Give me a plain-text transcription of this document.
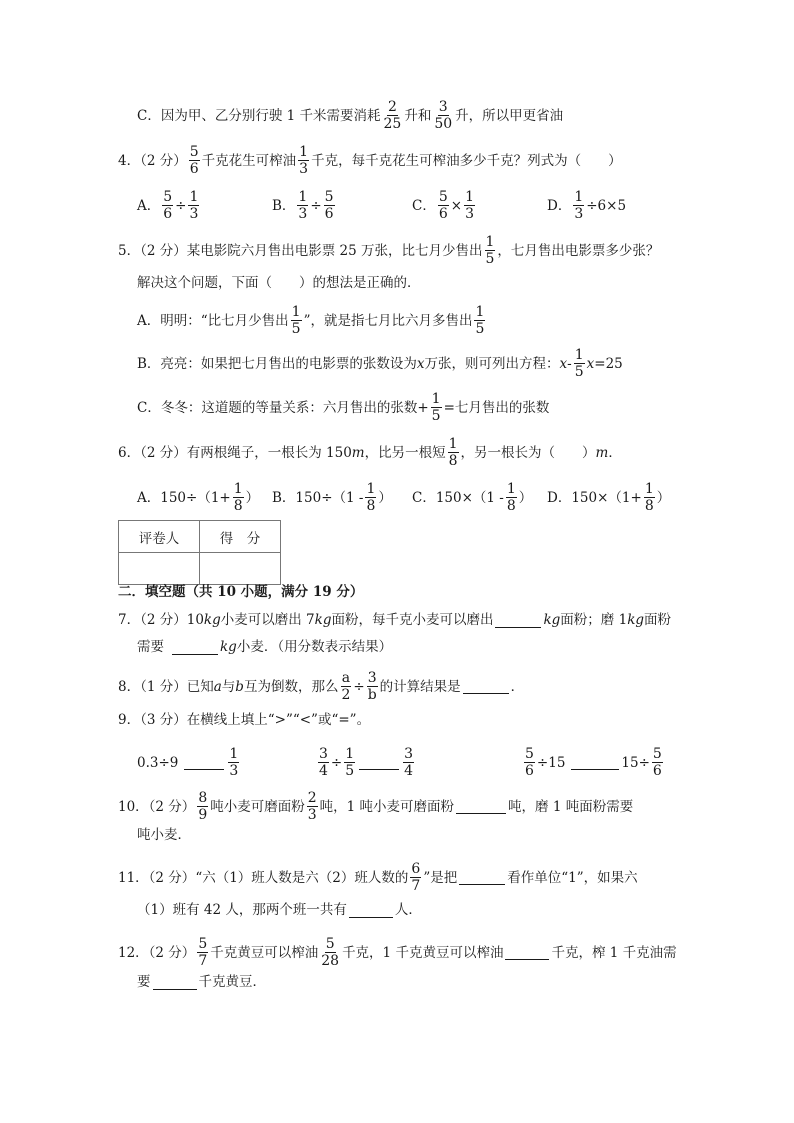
C．因为甲、乙分别行驶 1 千米需要消耗 $\frac{2}{25}$ 升和 $\frac{3}{50}$ 升，所以甲更省油
4．（2 分） $\frac{5}{6}$ 千克花生可榨油 $\frac{1}{3}$ 千克，每千克花生可榨油多少千克？列式为（　　）
A． $\frac{5}{6} \div \frac{1}{3}$	B． $\frac{1}{3} \div \frac{5}{6}$	C． $\frac{5}{6} \times \frac{1}{3}$	D． $\frac{1}{3} \div 6\times 5$
5．（2 分） 某电影院六月售出电影票 25 万张，比七月少售出 $\frac{1}{5}$ ，七月售出电影票多少张？
解决这个问题，下面（　　）的想法是正确的．
A．明明：“比七月少售出 $\frac{1}{5}$ ”，就是指七月比六月多售出 $\frac{1}{5}$
B．亮亮：如果把七月售出的电影票的张数设为 x 万张，则可列出方程： x - $\frac{1}{5}$ x =25
C．冬冬：这道题的等量关系：六月售出的张数+ $\frac{1}{5}$ =七月售出的张数
6．（2 分） 有两根绳子，一根长为 150 m ，比另一根短 $\frac{1}{8}$ ，另一根长为（　　） m ．
A．$150\div(1+ \frac{1}{8}$ ） B．$150\div(1 - \frac{1}{8}$ ） C．$150\times(1 - \frac{1}{8}$ ） D．$150\times(1+ \frac{1}{8}$ ）
评卷人	得　分

二．填空题（共 10 小题，满分 19 分）
7．（2 分） 10 kg 小麦可以磨出 7 kg 面粉，每千克小麦可以磨出	kg 面粉；磨 1 kg 面粉
需要	kg 小麦．（用分数表示结果）
8．（1 分） 已知 a 与 b 互为倒数，那么 $\frac{a}{2} \div \frac{3}{b}$ 的计算结果是	．
9．（3 分） 在横线上填上“>”“<”或“=”。
0.3÷9	$\frac{1}{3}$	$\frac{3}{4} \div \frac{1}{5}$	$\frac{3}{4}$	$\frac{5}{6} \div 15$	$15\div \frac{5}{6}$
10．（2 分） $\frac{8}{9}$ 吨小麦可磨面粉 $\frac{2}{3}$ 吨，1 吨小麦可磨面粉	吨，磨 1 吨面粉需要
吨小麦．
11．（2 分） “六（1）班人数是六（2）班人数的 $\frac{6}{7}$ ”是把	看作单位“1”，如果六
（1）班有 42 人，那两个班一共有	人．
12．（2 分） $\frac{5}{7}$ 千克黄豆可以榨油 $\frac{5}{28}$ 千克，1 千克黄豆可以榨油	千克，榨 1 千克油需
要	千克黄豆．
